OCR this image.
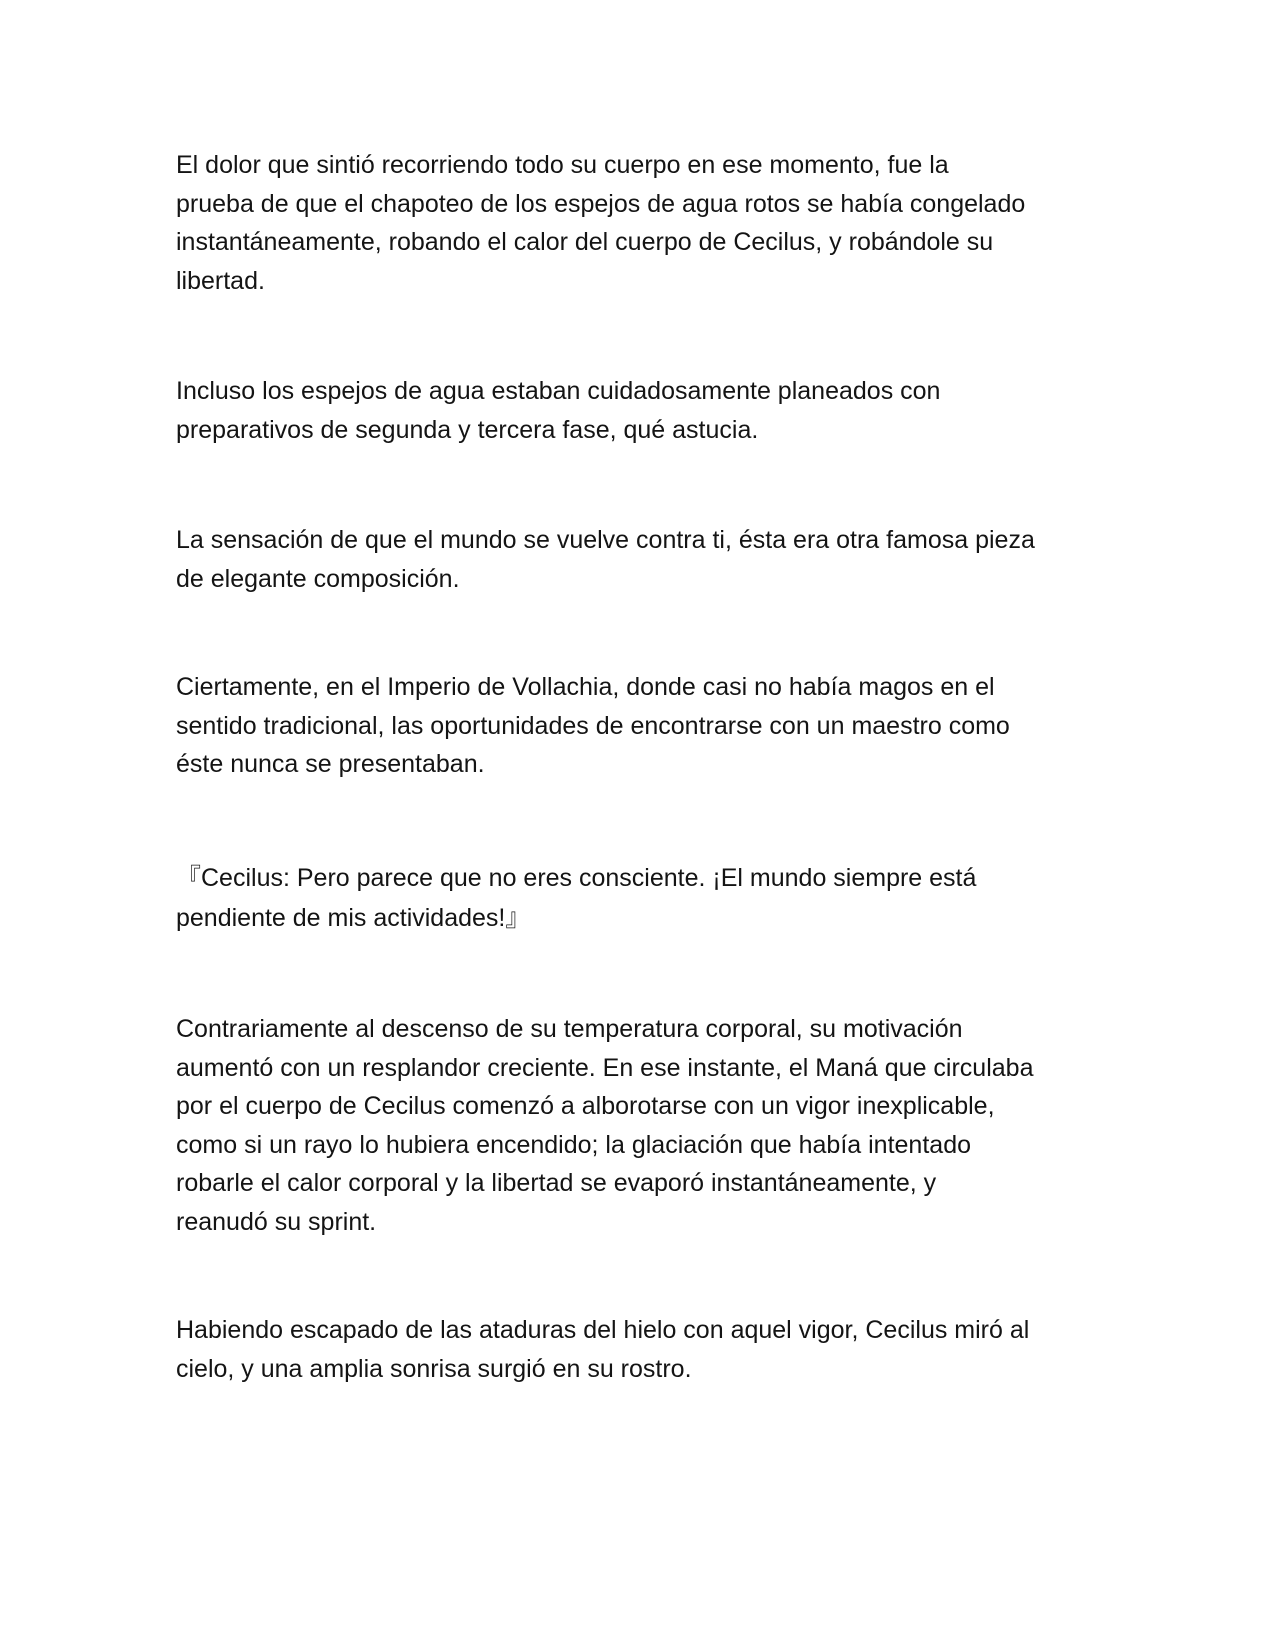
El dolor que sintió recorriendo todo su cuerpo en ese momento, fue la
prueba de que el chapoteo de los espejos de agua rotos se había congelado
instantáneamente, robando el calor del cuerpo de Cecilus, y robándole su
libertad.

Incluso los espejos de agua estaban cuidadosamente planeados con
preparativos de segunda y tercera fase, qué astucia.

La sensación de que el mundo se vuelve contra ti, ésta era otra famosa pieza
de elegante composición.

Ciertamente, en el Imperio de Vollachia, donde casi no había magos en el
sentido tradicional, las oportunidades de encontrarse con un maestro como
éste nunca se presentaban.

『Cecilus: Pero parece que no eres consciente. ¡El mundo siempre está
pendiente de mis actividades!』

Contrariamente al descenso de su temperatura corporal, su motivación
aumentó con un resplandor creciente. En ese instante, el Maná que circulaba
por el cuerpo de Cecilus comenzó a alborotarse con un vigor inexplicable,
como si un rayo lo hubiera encendido; la glaciación que había intentado
robarle el calor corporal y la libertad se evaporó instantáneamente, y
reanudó su sprint.

Habiendo escapado de las ataduras del hielo con aquel vigor, Cecilus miró al
cielo, y una amplia sonrisa surgió en su rostro.
